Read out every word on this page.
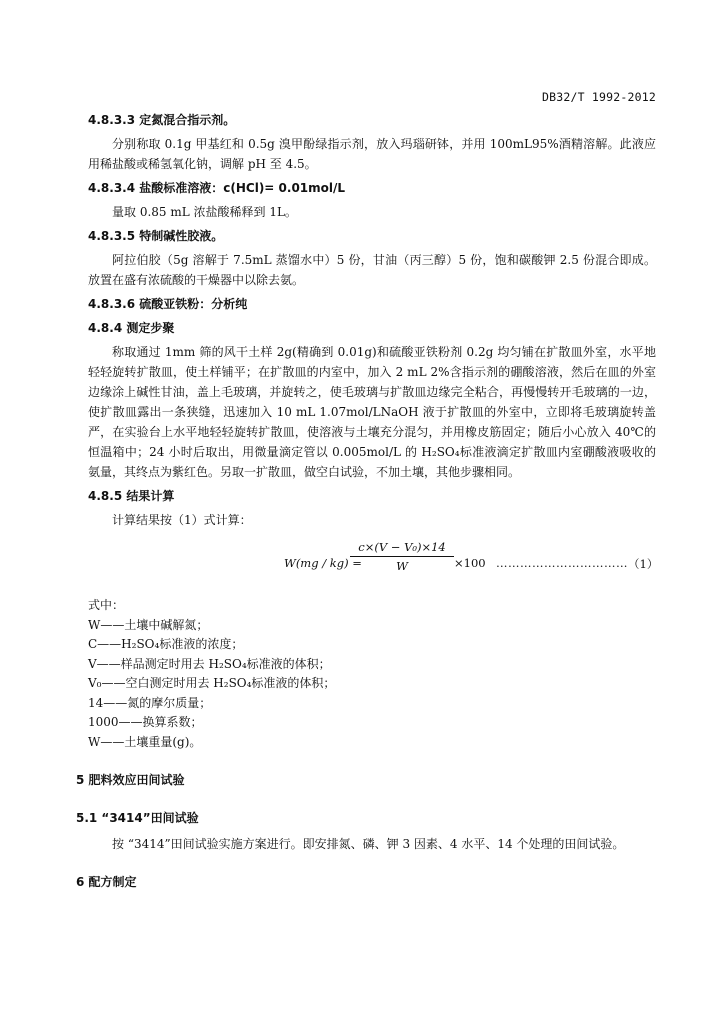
DB32/T 1992-2012

4.8.3.3 定氮混合指示剂。

分别称取 0.1g 甲基红和 0.5g 溴甲酚绿指示剂，放入玛瑙研钵，并用 100mL95%酒精溶解。此液应用稀盐酸或稀氢氧化钠，调解 pH 至 4.5。

4.8.3.4 盐酸标准溶液：c(HCl)= 0.01mol/L

量取 0.85 mL 浓盐酸稀释到 1L。

4.8.3.5 特制碱性胶液。

阿拉伯胶（5g 溶解于 7.5mL 蒸馏水中）5 份，甘油（丙三醇）5 份，饱和碳酸钾 2.5 份混合即成。放置在盛有浓硫酸的干燥器中以除去氨。

4.8.3.6 硫酸亚铁粉：分析纯

4.8.4 测定步聚

称取通过 1mm 筛的风干土样 2g(精确到 0.01g)和硫酸亚铁粉剂 0.2g 均匀铺在扩散皿外室，水平地轻轻旋转扩散皿，使土样铺平；在扩散皿的内室中，加入 2 mL 2%含指示剂的硼酸溶液，然后在皿的外室边缘涂上碱性甘油，盖上毛玻璃，并旋转之，使毛玻璃与扩散皿边缘完全粘合，再慢慢转开毛玻璃的一边，使扩散皿露出一条狭缝，迅速加入 10 mL 1.07mol/LNaOH 液于扩散皿的外室中，立即将毛玻璃旋转盖严，在实验台上水平地轻轻旋转扩散皿，使溶液与土壤充分混匀，并用橡皮筋固定；随后小心放入 40℃的恒温箱中；24 小时后取出，用微量滴定管以 0.005mol/L 的 H₂SO₄标准液滴定扩散皿内室硼酸液吸收的氨量，其终点为紫红色。另取一扩散皿，做空白试验，不加土壤，其他步骤相同。

4.8.5 结果计算

计算结果按（1）式计算：

W(mg / kg) =
$\frac{\text{c×(V − V₀)×14}}{W} \times 100$ …………………………… （1）

式中：

W——土壤中碱解氮；

C——H₂SO₄标准液的浓度；

V——样品测定时用去 H₂SO₄标准液的体积；

V₀——空白测定时用去 H₂SO₄标准液的体积；

14——氮的摩尔质量；

1000——换算系数；

W——土壤重量(g)。

5 肥料效应田间试验

5.1 “3414”田间试验

按 “3414”田间试验实施方案进行。即安排氮、磷、钾 3 因素、4 水平、14 个处理的田间试验。

6 配方制定
